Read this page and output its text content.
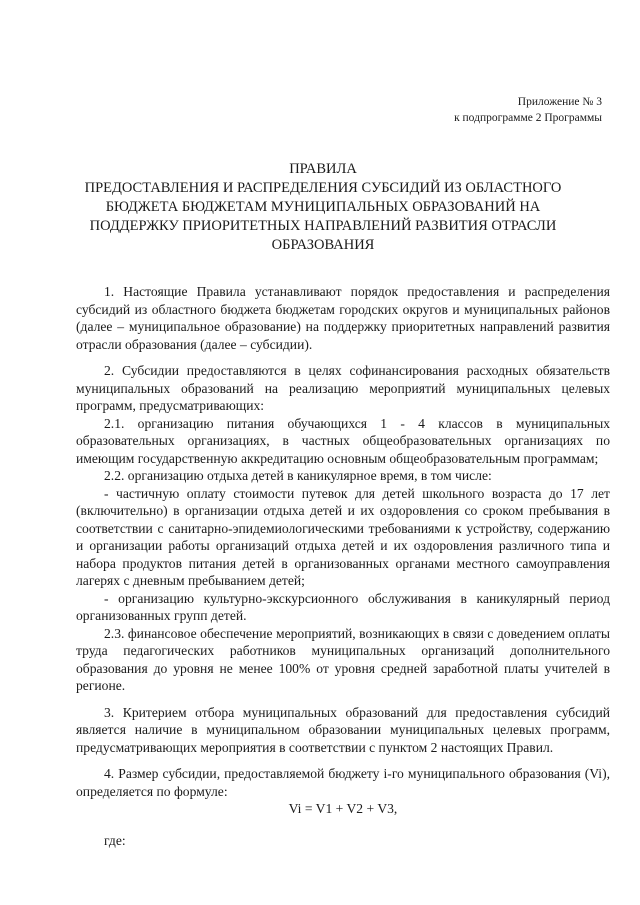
Приложение № 3
к подпрограмме 2 Программы
ПРАВИЛА
ПРЕДОСТАВЛЕНИЯ И РАСПРЕДЕЛЕНИЯ СУБСИДИЙ ИЗ ОБЛАСТНОГО БЮДЖЕТА БЮДЖЕТАМ МУНИЦИПАЛЬНЫХ ОБРАЗОВАНИЙ НА ПОДДЕРЖКУ ПРИОРИТЕТНЫХ НАПРАВЛЕНИЙ РАЗВИТИЯ ОТРАСЛИ ОБРАЗОВАНИЯ

1. Настоящие Правила устанавливают порядок предоставления и распределения субсидий из областного бюджета бюджетам городских округов и муниципальных районов (далее – муниципальное образование) на поддержку приоритетных направлений развития отрасли образования (далее – субсидии).

2. Субсидии предоставляются в целях софинансирования расходных обязательств муниципальных образований на реализацию мероприятий муниципальных целевых программ, предусматривающих:

2.1. организацию питания обучающихся 1 - 4 классов в муниципальных образовательных организациях, в частных общеобразовательных организациях по имеющим государственную аккредитацию основным общеобразовательным программам;

2.2. организацию отдыха детей в каникулярное время, в том числе:

- частичную оплату стоимости путевок для детей школьного возраста до 17 лет (включительно) в организации отдыха детей и их оздоровления со сроком пребывания в соответствии с санитарно-эпидемиологическими требованиями к устройству, содержанию и организации работы организаций отдыха детей и их оздоровления различного типа и набора продуктов питания детей в организованных органами местного самоуправления лагерях с дневным пребыванием детей;

- организацию культурно-экскурсионного обслуживания в каникулярный период организованных групп детей.

2.3. финансовое обеспечение мероприятий, возникающих в связи с доведением оплаты труда педагогических работников муниципальных организаций дополнительного образования до уровня не менее 100% от уровня средней заработной платы учителей в регионе.

3. Критерием отбора муниципальных образований для предоставления субсидий является наличие в муниципальном образовании муниципальных целевых программ, предусматривающих мероприятия в соответствии с пунктом 2 настоящих Правил.

4. Размер субсидии, предоставляемой бюджету i-го муниципального образования (Vi), определяется по формуле:

Vi = V1 + V2 + V3,

где:
